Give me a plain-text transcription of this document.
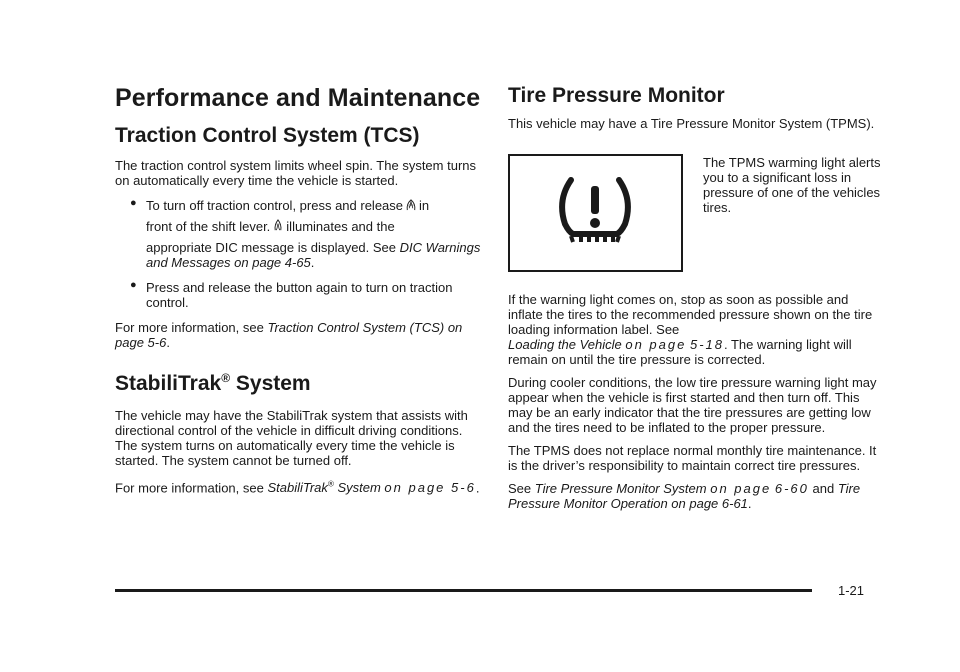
Performance and Maintenance
Traction Control System (TCS)

The traction control system limits wheel spin. The system turns on automatically every time the vehicle is started.

● To turn off traction control, press and release OFF in
front of the shift lever. illuminates and the
appropriate DIC message is displayed. See DIC Warnings and Messages on page 4-65.
● Press and release the button again to turn on traction control.

For more information, see Traction Control System (TCS) on page 5-6.

StabiliTrak® System

The vehicle may have the StabiliTrak system that assists with directional control of the vehicle in difficult driving conditions. The system turns on automatically every time the vehicle is started. The system cannot be turned off.

For more information, see StabiliTrak® System on page 5-6.

Tire Pressure Monitor

This vehicle may have a Tire Pressure Monitor System (TPMS).

The TPMS warming light alerts you to a significant loss in pressure of one of the vehicles tires.

If the warning light comes on, stop as soon as possible and inflate the tires to the recommended pressure shown on the tire loading information label. See
Loading the Vehicle on page 5-18. The warning light will remain on until the tire pressure is corrected.

During cooler conditions, the low tire pressure warning light may appear when the vehicle is first started and then turn off. This may be an early indicator that the tire pressures are getting low and the tires need to be inflated to the proper pressure.

The TPMS does not replace normal monthly tire maintenance. It is the driver’s responsibility to maintain correct tire pressures.

See Tire Pressure Monitor System on page 6-60 and Tire Pressure Monitor Operation on page 6-61.

1-21
